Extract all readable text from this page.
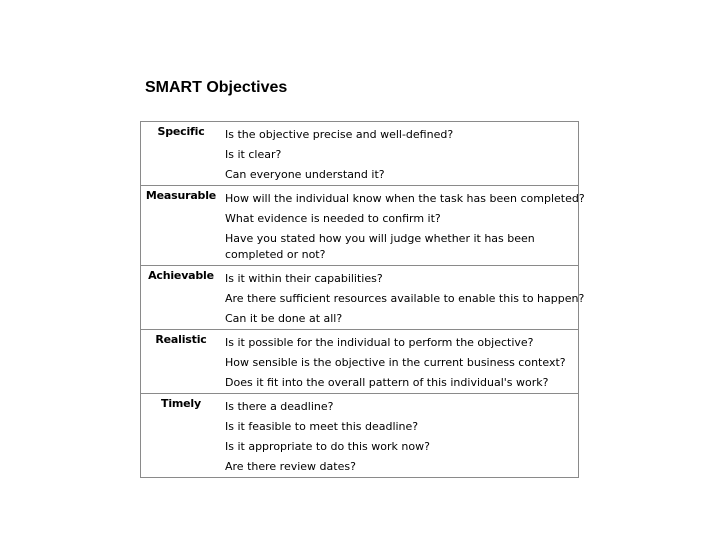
SMART Objectives
Specific	Is the objective precise and well-defined?
Is it clear?
Can everyone understand it?

Measurable	How will the individual know when the task has been completed?
What evidence is needed to confirm it?
Have you stated how you will judge whether it has been completed or not?

Achievable	Is it within their capabilities?
Are there sufficient resources available to enable this to happen?
Can it be done at all?

Realistic	Is it possible for the individual to perform the objective?
How sensible is the objective in the current business context?
Does it fit into the overall pattern of this individual's work?

Timely	Is there a deadline?
Is it feasible to meet this deadline?
Is it appropriate to do this work now?
Are there review dates?
